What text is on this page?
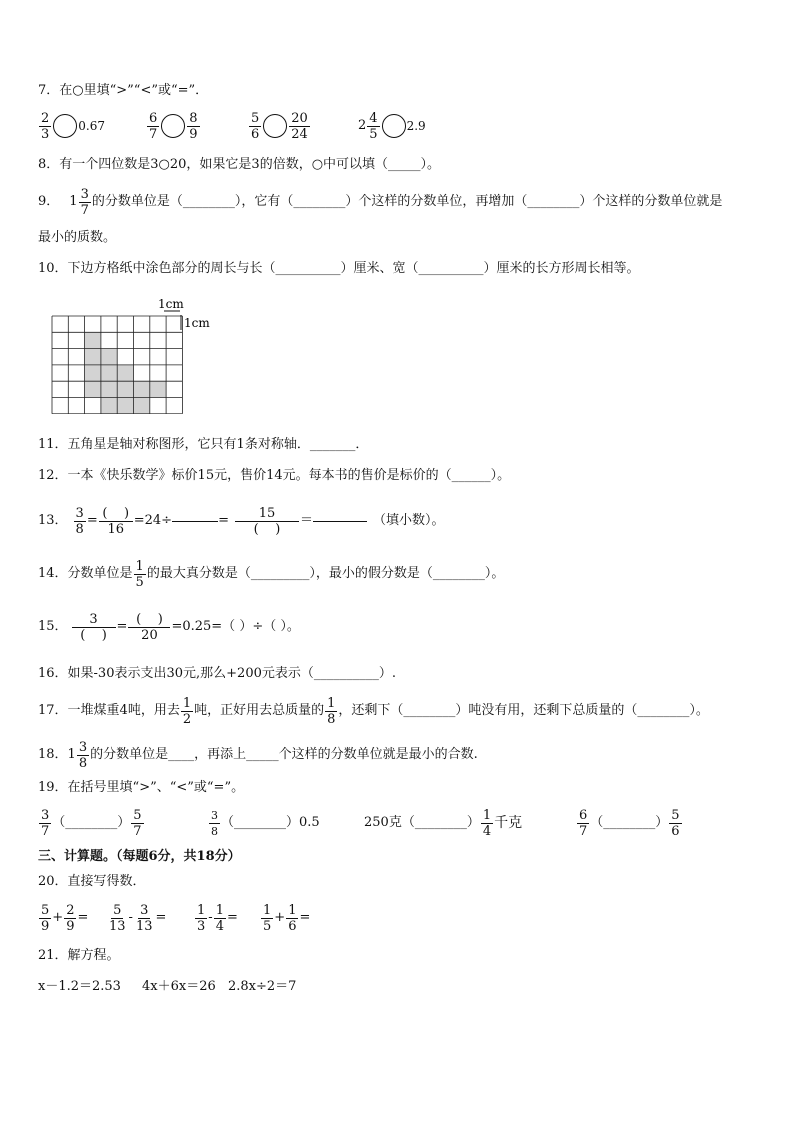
7．在○里填“>”“<”或“=”．
$\frac{2}{3} 0.67$	$\frac{6}{7} \frac{8}{9}$	$\frac{5}{6} \frac{20}{24}$	$2 \frac{4}{5} 2.9$
8．有一个四位数是3○20，如果它是3的倍数，○中可以填（_____）。
9． $1 \frac{3}{7}$ 的分数单位是（________），它有（________）个这样的分数单位，再增加（________）个这样的分数单位就是
最小的质数。
10．下边方格纸中涂色部分的周长与长（__________）厘米、宽（__________）厘米的长方形周长相等。
1cm
1cm
11．五角星是轴对称图形，它只有1条对称轴．_______．
12．一本《快乐数学》标价15元，售价14元。每本书的售价是标价的（______）。
13． $\frac{3}{8} = \frac{( )}{16} =24\div$	= $\frac{15}{( )}$ ＝	（填小数）。
14．分数单位是 $\frac{1}{5}$ 的最大真分数是（_________），最小的假分数是（________）。
15． $\frac{3}{( )} = \frac{( )}{20} =0.25=$（ ）÷（ ）。
16．如果-30表示支出30元,那么+200元表示（__________）.
17．一堆煤重4吨，用去 $\frac{1}{2}$ 吨，正好用去总质量的 $\frac{1}{8}$ ，还剩下（________）吨没有用，还剩下总质量的（________）。
18． $1 \frac{3}{8}$ 的分数单位是____，再添上_____个这样的分数单位就是最小的合数.
19．在括号里填“>”、“<”或“=”。
$\frac{3}{7}$ （________） $\frac{5}{7}$	$\frac{3}{8}$ （________） 0.5	250克 （________） $\frac{1}{4}$ 千克	$\frac{6}{7}$ （________） $\frac{5}{6}$
三、计算题。（每题6分，共18分）
20．直接写得数．
$\frac{5}{9} + \frac{2}{9} = \frac{5}{13} - \frac{3}{13} = \frac{1}{3} - \frac{1}{4} = \frac{1}{5} + \frac{1}{6}$ =
21．解方程。
x－1.2＝2.53	4x＋6x＝26 2.8x÷2＝7
